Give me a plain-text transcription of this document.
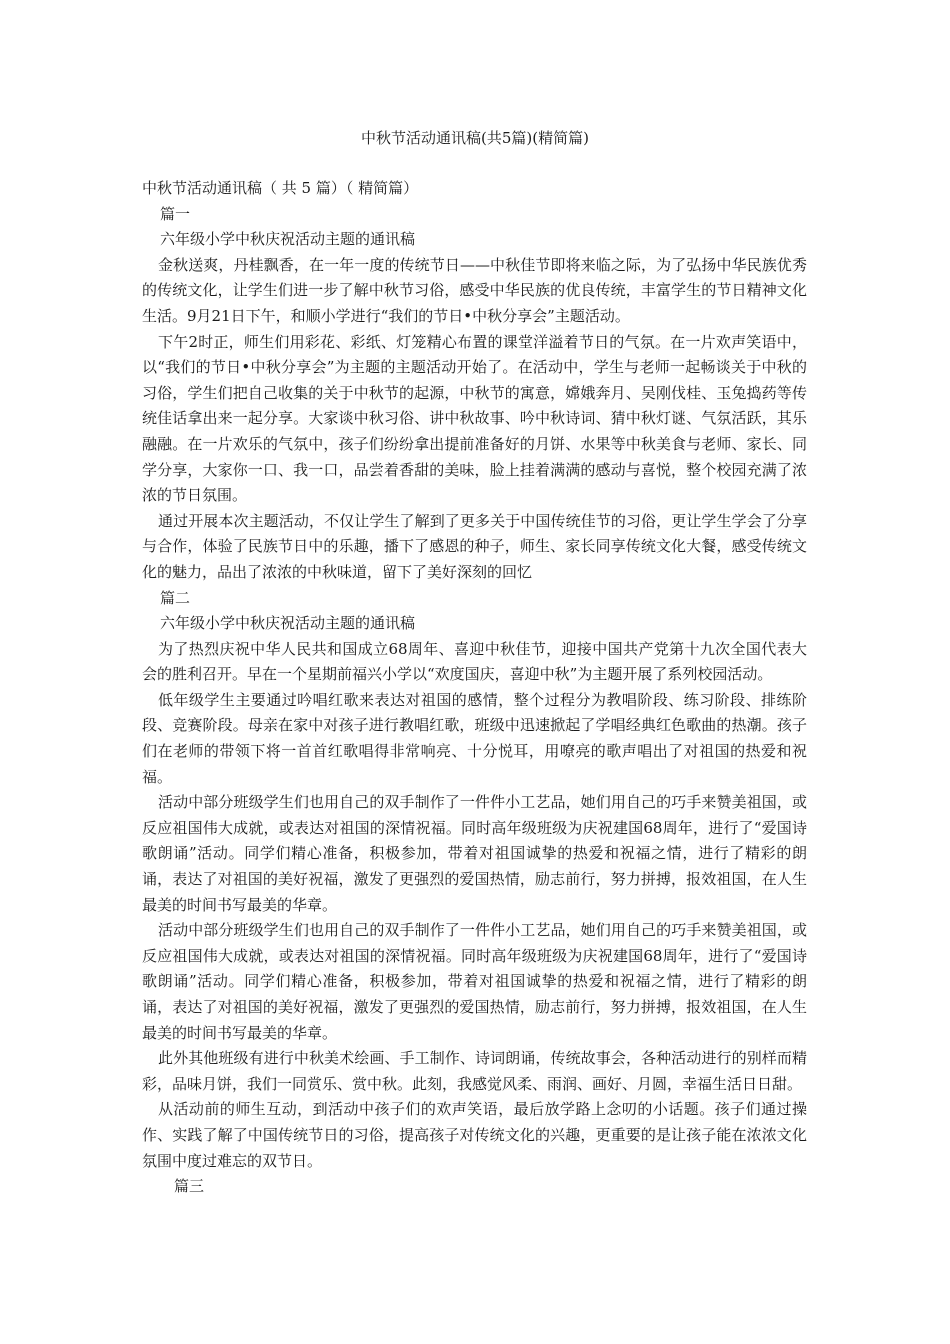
中秋节活动通讯稿(共5篇)(精简篇)

中秋节活动通讯稿（ 共 5 篇）（ 精简篇）

篇一

六年级小学中秋庆祝活动主题的通讯稿

金秋送爽，丹桂飘香，在一年一度的传统节日——中秋佳节即将来临之际，为了弘扬中华民族优秀的传统文化，让学生们进一步了解中秋节习俗，感受中华民族的优良传统，丰富学生的节日精神文化生活。9月21日下午，和顺小学进行“我们的节日•中秋分享会”主题活动。

下午2时正，师生们用彩花、彩纸、灯笼精心布置的课堂洋溢着节日的气氛。在一片欢声笑语中，以“我们的节日•中秋分享会”为主题的主题活动开始了。在活动中，学生与老师一起畅谈关于中秋的习俗，学生们把自己收集的关于中秋节的起源，中秋节的寓意，嫦娥奔月、吴刚伐桂、玉兔捣药等传统佳话拿出来一起分享。大家谈中秋习俗、讲中秋故事、吟中秋诗词、猜中秋灯谜、气氛活跃，其乐融融。在一片欢乐的气氛中，孩子们纷纷拿出提前准备好的月饼、水果等中秋美食与老师、家长、同学分享，大家你一口、我一口，品尝着香甜的美味，脸上挂着满满的感动与喜悦，整个校园充满了浓浓的节日氛围。

通过开展本次主题活动，不仅让学生了解到了更多关于中国传统佳节的习俗，更让学生学会了分享与合作，体验了民族节日中的乐趣，播下了感恩的种子，师生、家长同享传统文化大餐，感受传统文化的魅力，品出了浓浓的中秋味道，留下了美好深刻的回忆

篇二

六年级小学中秋庆祝活动主题的通讯稿

为了热烈庆祝中华人民共和国成立68周年、喜迎中秋佳节，迎接中国共产党第十九次全国代表大会的胜利召开。早在一个星期前福兴小学以“欢度国庆，喜迎中秋”为主题开展了系列校园活动。

低年级学生主要通过吟唱红歌来表达对祖国的感情，整个过程分为教唱阶段、练习阶段、排练阶段、竞赛阶段。母亲在家中对孩子进行教唱红歌，班级中迅速掀起了学唱经典红色歌曲的热潮。孩子们在老师的带领下将一首首红歌唱得非常响亮、十分悦耳，用嘹亮的歌声唱出了对祖国的热爱和祝福。

活动中部分班级学生们也用自己的双手制作了一件件小工艺品，她们用自己的巧手来赞美祖国，或反应祖国伟大成就，或表达对祖国的深情祝福。同时高年级班级为庆祝建国68周年，进行了“爱国诗歌朗诵”活动。同学们精心准备，积极参加，带着对祖国诚挚的热爱和祝福之情，进行了精彩的朗诵，表达了对祖国的美好祝福，激发了更强烈的爱国热情，励志前行，努力拼搏，报效祖国，在人生最美的时间书写最美的华章。

活动中部分班级学生们也用自己的双手制作了一件件小工艺品，她们用自己的巧手来赞美祖国，或反应祖国伟大成就，或表达对祖国的深情祝福。同时高年级班级为庆祝建国68周年，进行了“爱国诗歌朗诵”活动。同学们精心准备，积极参加，带着对祖国诚挚的热爱和祝福之情，进行了精彩的朗诵，表达了对祖国的美好祝福，激发了更强烈的爱国热情，励志前行，努力拼搏，报效祖国，在人生最美的时间书写最美的华章。

此外其他班级有进行中秋美术绘画、手工制作、诗词朗诵，传统故事会，各种活动进行的别样而精彩，品味月饼，我们一同赏乐、赏中秋。此刻，我感觉风柔、雨润、画好、月圆，幸福生活日日甜。

从活动前的师生互动，到活动中孩子们的欢声笑语，最后放学路上念叨的小话题。孩子们通过操作、实践了解了中国传统节日的习俗，提高孩子对传统文化的兴趣，更重要的是让孩子能在浓浓文化氛围中度过难忘的双节日。

篇三
